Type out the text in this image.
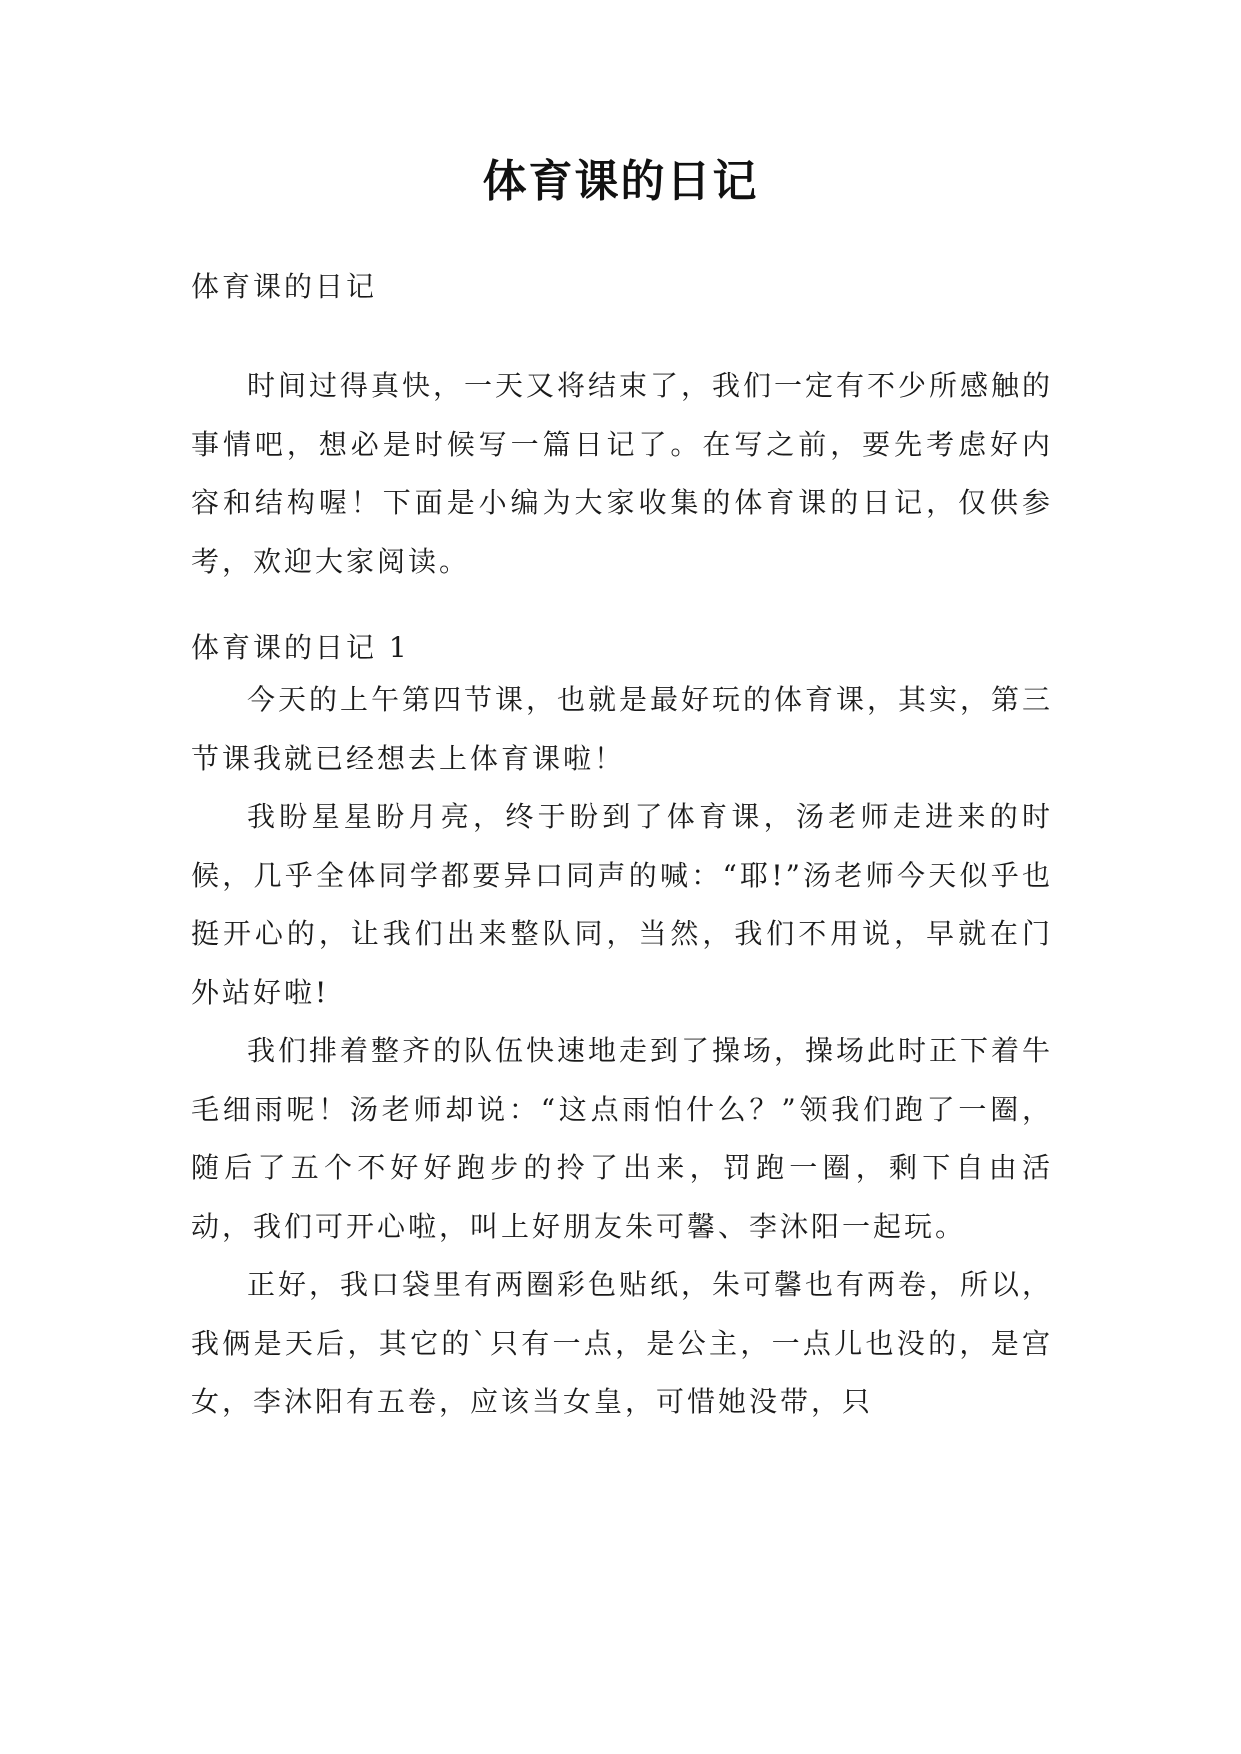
体育课的日记
体育课的日记
时间过得真快，一天又将结束了，我们一定有不少所感触的事情吧，想必是时候写一篇日记了。在写之前，要先考虑好内容和结构喔！下面是小编为大家收集的体育课的日记，仅供参考，欢迎大家阅读。
体育课的日记 1

今天的上午第四节课，也就是最好玩的体育课，其实，第三节课我就已经想去上体育课啦！

我盼星星盼月亮，终于盼到了体育课，汤老师走进来的时候，几乎全体同学都要异口同声的喊：“耶!”汤老师今天似乎也挺开心的，让我们出来整队同，当然，我们不用说，早就在门外站好啦!

我们排着整齐的队伍快速地走到了操场，操场此时正下着牛毛细雨呢！汤老师却说：“这点雨怕什么？”领我们跑了一圈，随后了五个不好好跑步的拎了出来，罚跑一圈，剩下自由活动，我们可开心啦，叫上好朋友朱可馨、李沐阳一起玩。

正好，我口袋里有两圈彩色贴纸，朱可馨也有两卷，所以，我俩是天后，其它的`只有一点，是公主，一点儿也没的，是宫女，李沐阳有五卷，应该当女皇，可惜她没带，只
